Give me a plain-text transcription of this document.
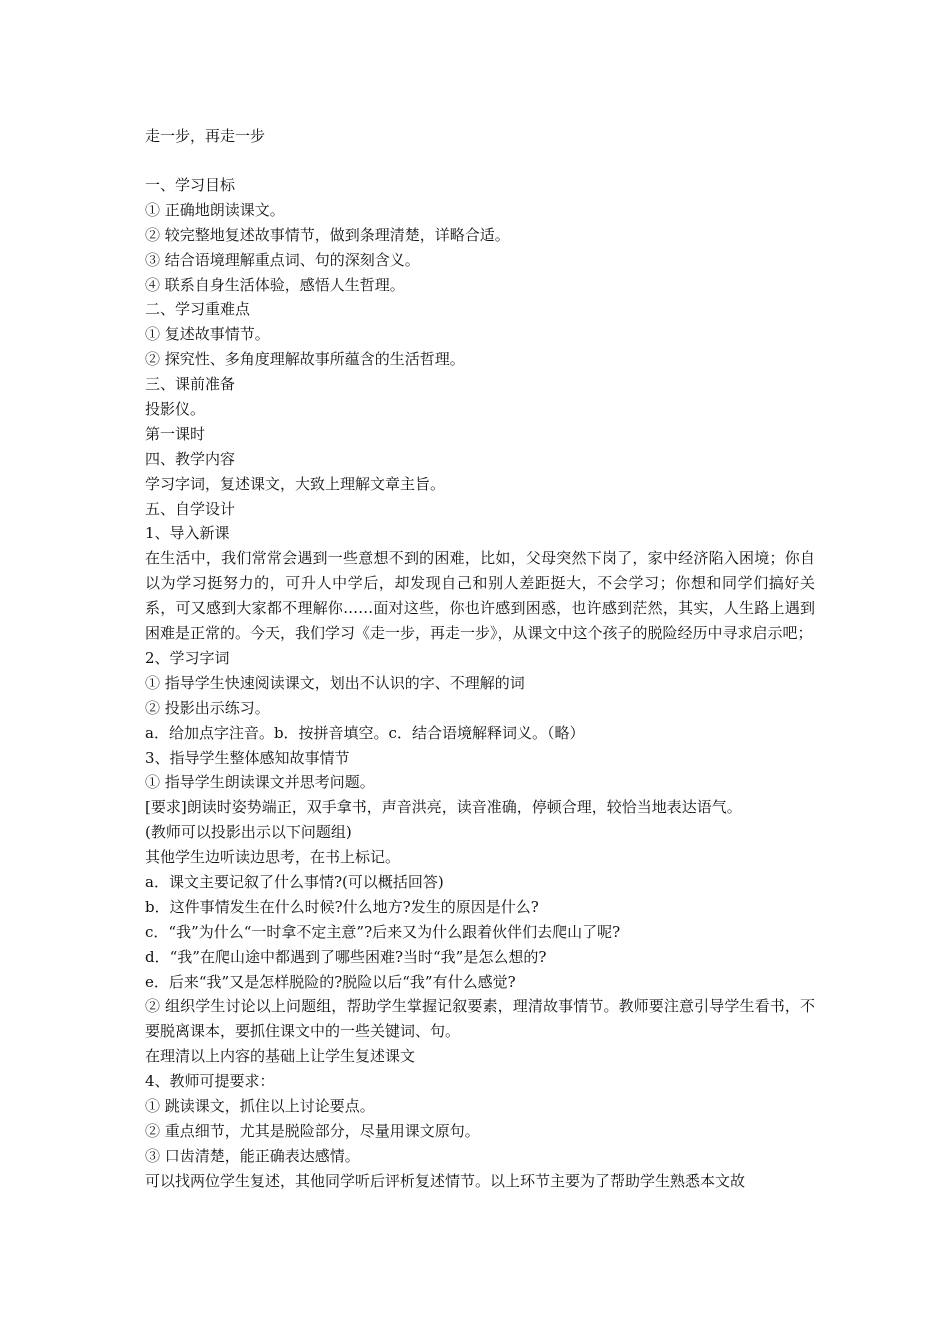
走一步，再走一步
一、学习目标
① 正确地朗读课文。
② 较完整地复述故事情节，做到条理清楚，详略合适。
③ 结合语境理解重点词、句的深刻含义。
④ 联系自身生活体验，感悟人生哲理。
二、学习重难点
① 复述故事情节。
② 探究性、多角度理解故事所蕴含的生活哲理。
三、课前准备
投影仪。
第一课时
四、教学内容
学习字词，复述课文，大致上理解文章主旨。
五、自学设计
1、导入新课
在生活中，我们常常会遇到一些意想不到的困难，比如，父母突然下岗了，家中经济陷入困境；你自以为学习挺努力的，可升人中学后，却发现自己和别人差距挺大，不会学习；你想和同学们搞好关系，可又感到大家都不理解你……面对这些，你也许感到困惑，也许感到茫然，其实，人生路上遇到困难是正常的。今天，我们学习《走一步，再走一步》，从课文中这个孩子的脱险经历中寻求启示吧；
2、学习字词
① 指导学生快速阅读课文，划出不认识的字、不理解的词
② 投影出示练习。
a．给加点字注音。b．按拼音填空。c．结合语境解释词义。（略）
3、指导学生整体感知故事情节
① 指导学生朗读课文并思考问题。
[要求]朗读时姿势端正，双手拿书，声音洪亮，读音准确，停顿合理，较恰当地表达语气。
(教师可以投影出示以下问题组)
其他学生边听读边思考，在书上标记。
a．课文主要记叙了什么事情?(可以概括回答)
b．这件事情发生在什么时候?什么地方?发生的原因是什么?
c．“我”为什么“一时拿不定主意”?后来又为什么跟着伙伴们去爬山了呢?
d．“我”在爬山途中都遇到了哪些困难?当时“我”是怎么想的?
e．后来“我”又是怎样脱险的?脱险以后“我”有什么感觉?
② 组织学生讨论以上问题组，帮助学生掌握记叙要素，理清故事情节。教师要注意引导学生看书，不要脱离课本，要抓住课文中的一些关键词、句。
在理清以上内容的基础上让学生复述课文
4、教师可提要求：
① 跳读课文，抓住以上讨论要点。
② 重点细节，尤其是脱险部分，尽量用课文原句。
③ 口齿清楚，能正确表达感情。
可以找两位学生复述，其他同学听后评析复述情节。以上环节主要为了帮助学生熟悉本文故
